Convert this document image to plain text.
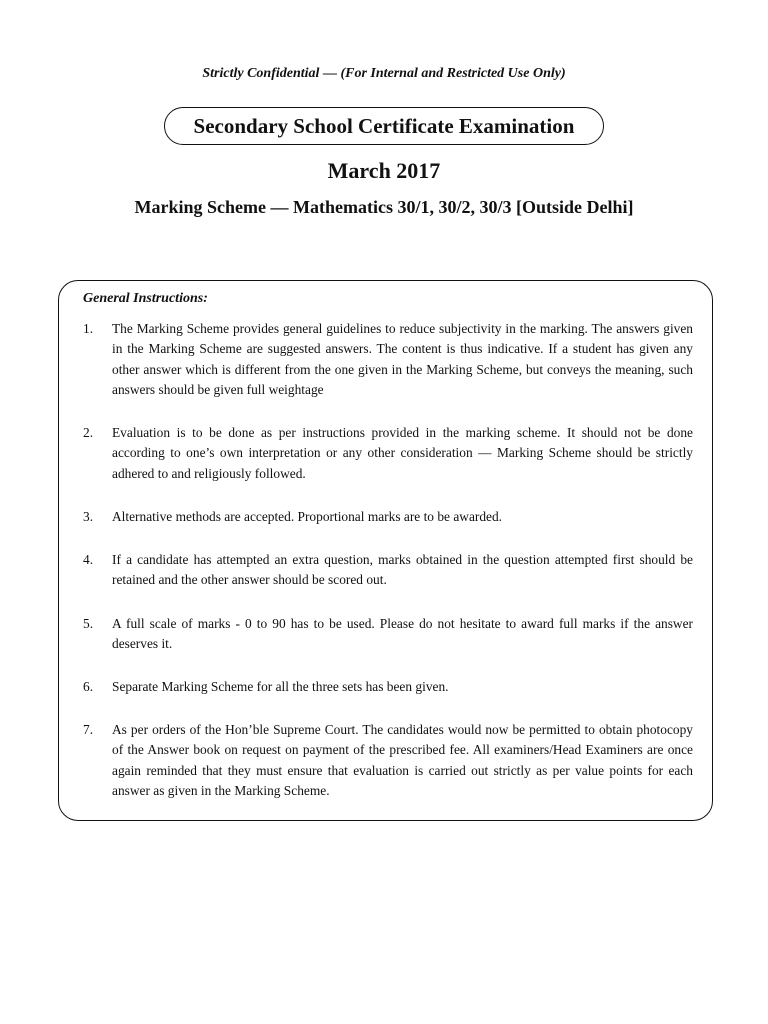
Strictly Confidential — (For Internal and Restricted Use Only)
Secondary School Certificate Examination
March 2017
Marking Scheme — Mathematics 30/1, 30/2, 30/3 [Outside Delhi]
General Instructions:
1.	The Marking Scheme provides general guidelines to reduce subjectivity in the marking. The answers given in the Marking Scheme are suggested answers. The content is thus indicative. If a student has given any other answer which is different from the one given in the Marking Scheme, but conveys the meaning, such answers should be given full weightage
2.	Evaluation is to be done as per instructions provided in the marking scheme. It should not be done according to one’s own interpretation or any other consideration — Marking Scheme should be strictly adhered to and religiously followed.
3.	Alternative methods are accepted. Proportional marks are to be awarded.
4.	If a candidate has attempted an extra question, marks obtained in the question attempted first should be retained and the other answer should be scored out.
5.	A full scale of marks - 0 to 90 has to be used. Please do not hesitate to award full marks if the answer deserves it.
6.	Separate Marking Scheme for all the three sets has been given.
7.	As per orders of the Hon’ble Supreme Court. The candidates would now be permitted to obtain photocopy of the Answer book on request on payment of the prescribed fee. All examiners/Head Examiners are once again reminded that they must ensure that evaluation is carried out strictly as per value points for each answer as given in the Marking Scheme.
